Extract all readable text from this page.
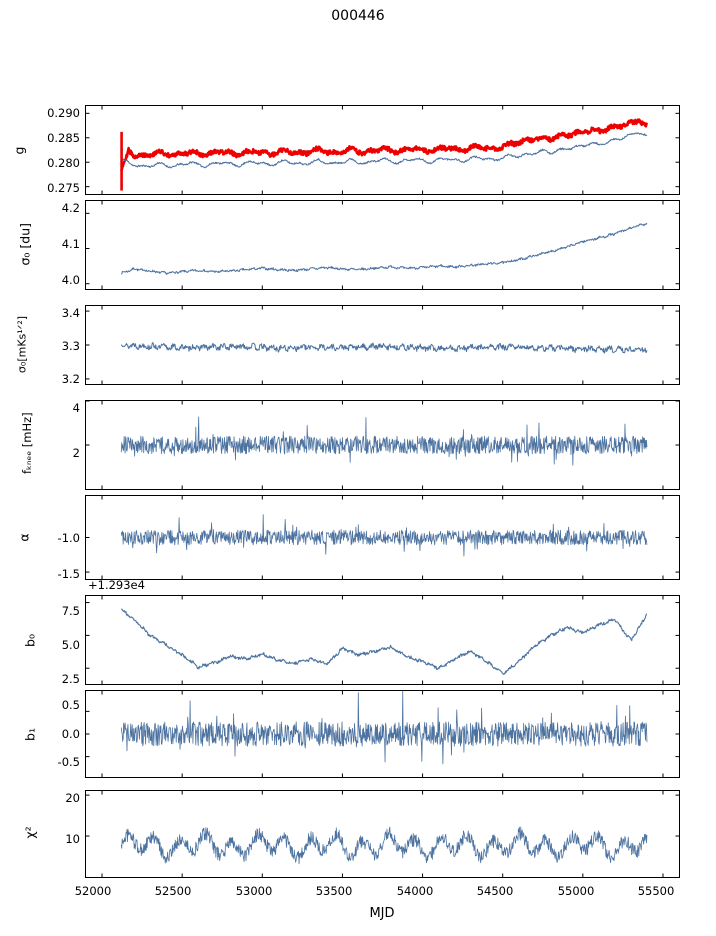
000446
g
0.290
0.285
0.280
0.275
σ₀ [du]
4.2
4.1
4.0
σ₀[mKs¹ᐟ²]
3.4
3.3
3.2
fₖₙₑₑ [mHz]
4
2
α	-1.0
-1.5
+1.293e4
b₀
7.5
5.0
2.5
b₁
0.5
0.0
-0.5
χ²
20
10
52000	52500	53000	53500	54000	54500	55000	55500
MJD
